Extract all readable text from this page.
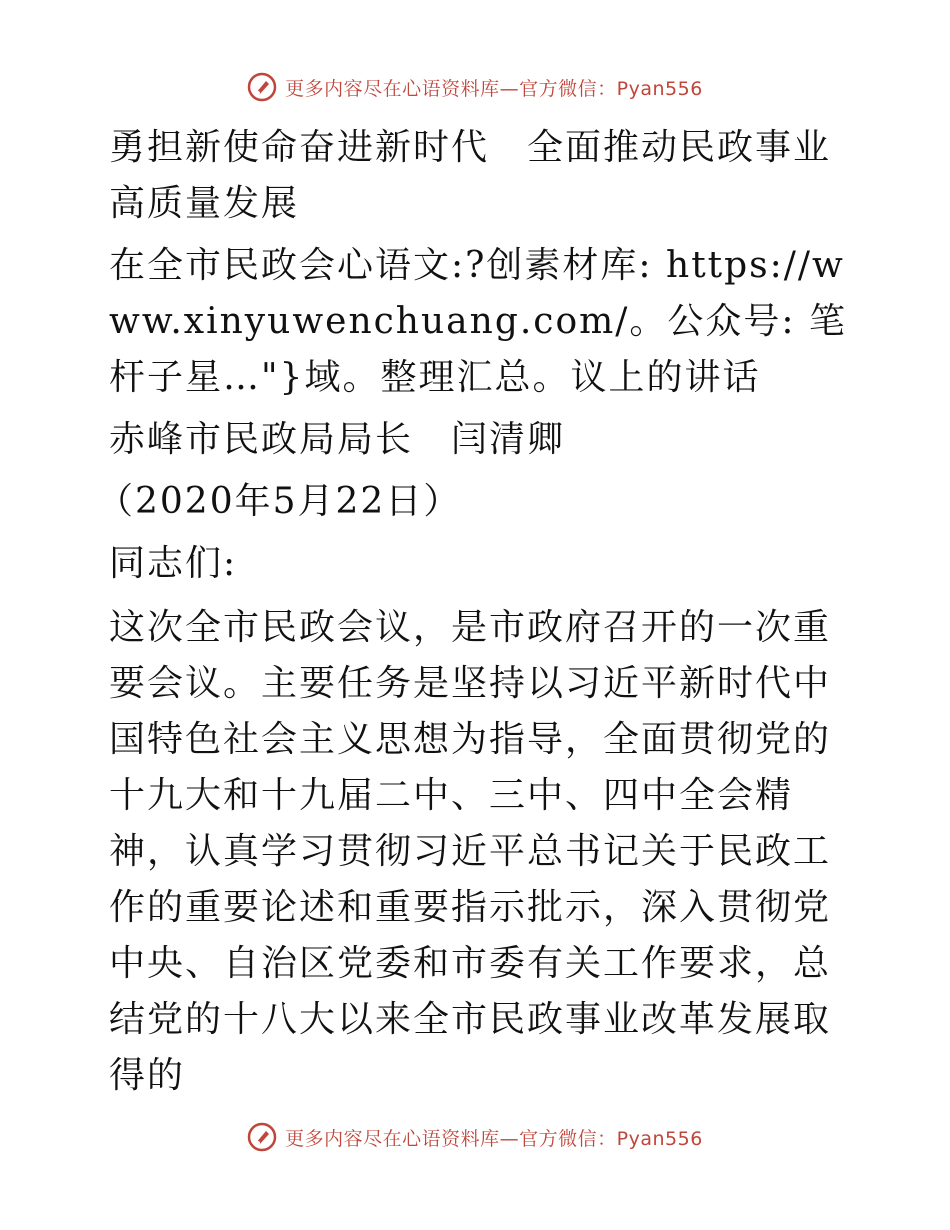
更多内容尽在心语资料库—官方微信：Pyan556

勇担新使命奋进新时代　全面推动民政事业高质量发展

在全市民政会心语文:?创素材库: https://www.xinyuwenchuang.com/。公众号: 笔杆子星…"}域。整理汇总。议上的讲话

赤峰市民政局局长　闫清卿

（2020年5月22日）

同志们:

这次全市民政会议，是市政府召开的一次重要会议。主要任务是坚持以习近平新时代中国特色社会主义思想为指导，全面贯彻党的十九大和十九届二中、三中、四中全会精神，认真学习贯彻习近平总书记关于民政工作的重要论述和重要指示批示，深入贯彻党中央、自治区党委和市委有关工作要求，总结党的十八大以来全市民政事业改革发展取得的

更多内容尽在心语资料库—官方微信：Pyan556
